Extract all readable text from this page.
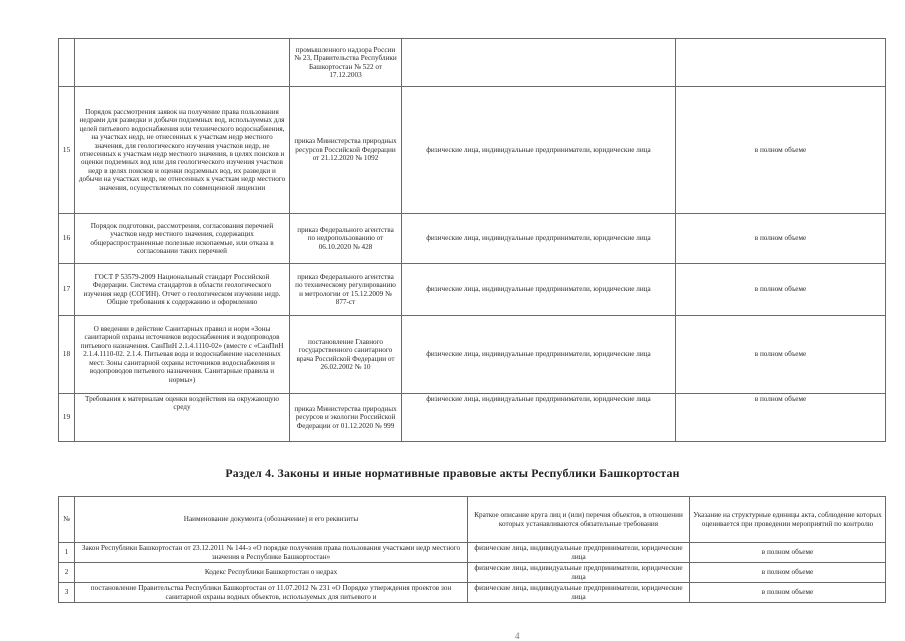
		промышленного надзора России
№ 23, Правительства Республики Башкортостан № 522 от 17.12.2003		
15	Порядок рассмотрения заявок на получение права пользования недрами для разведки и добычи подземных вод, используемых для целей питьевого водоснабжения или технического водоснабжения, на участках недр, не отнесенных к участкам недр местного значения, для геологического изучения участков недр, не отнесенных к участкам недр местного значения, в целях поисков и оценки подземных вод или для геологического изучения участков недр в целях поисков и оценки подземных вод, их разведки и добычи на участках недр, не отнесенных к участкам недр местного значения, осуществляемых по совмещенной лицензии	приказ Министерства природных ресурсов Российской Федерации от 21.12.2020 № 1092	физические лица, индивидуальные предприниматели, юридические лица	в полном объеме
16	Порядок подготовки, рассмотрения, согласования перечней участков недр местного значения, содержащих общераспространенные полезные ископаемые, или отказа в согласовании таких перечней	приказ Федерального агентства по недропользованию от 06.10.2020 № 428	физические лица, индивидуальные предприниматели, юридические лица	в полном объеме
17	ГОСТ Р 53579-2009 Национальный стандарт Российской Федерации. Система стандартов в области геологического изучения недр (СОГИН). Отчет о геологическом изучении недр. Общие требования к содержанию и оформлению	приказ Федерального агентства по техническому регулированию и метрологии от 15.12.2009 № 877-ст	физические лица, индивидуальные предприниматели, юридические лица	в полном объеме
18	О введении в действие Санитарных правил и норм «Зоны санитарной охраны источников водоснабжения и водопроводов питьевого назначения. СанПиН 2.1.4.1110-02» (вместе с «СанПиН 2.1.4.1110-02. 2.1.4. Питьевая вода и водоснабжение населенных мест. Зоны санитарной охраны источников водоснабжения и водопроводов питьевого назначения. Санитарные правила и нормы»)	постановление Главного государственного санитарного врача Российской Федерации от 26.02.2002 № 10	физические лица, индивидуальные предприниматели, юридические лица	в полном объеме
19	Требования к материалам оценки воздействия на окружающую среду	приказ Министерства природных ресурсов и экологии Российской Федерации от 01.12.2020 № 999	физические лица, индивидуальные предприниматели, юридические лица	в полном объеме
Раздел 4. Законы и иные нормативные правовые акты Республики Башкортостан
№	Наименование документа (обозначение) и его реквизиты	Краткое описание круга лиц и (или) перечня объектов, в отношении которых устанавливаются обязательные требования	Указание на структурные единицы акта, соблюдение которых оценивается при проведении мероприятий по контролю
1	Закон Республики Башкортостан от 23.12.2011 № 144-з «О порядке получения права пользования участками недр местного значения в Республике Башкортостан»	физические лица, индивидуальные предприниматели, юридические лица	в полном объеме
2	Кодекс Республики Башкортостан о недрах	физические лица, индивидуальные предприниматели, юридические лица	в полном объеме
3	постановление Правительства Республики Башкортостан от 11.07.2012 № 231 «О Порядке утверждения проектов зон санитарной охраны водных объектов, используемых для питьевого и	физические лица, индивидуальные предприниматели, юридические лица	в полном объеме
4
